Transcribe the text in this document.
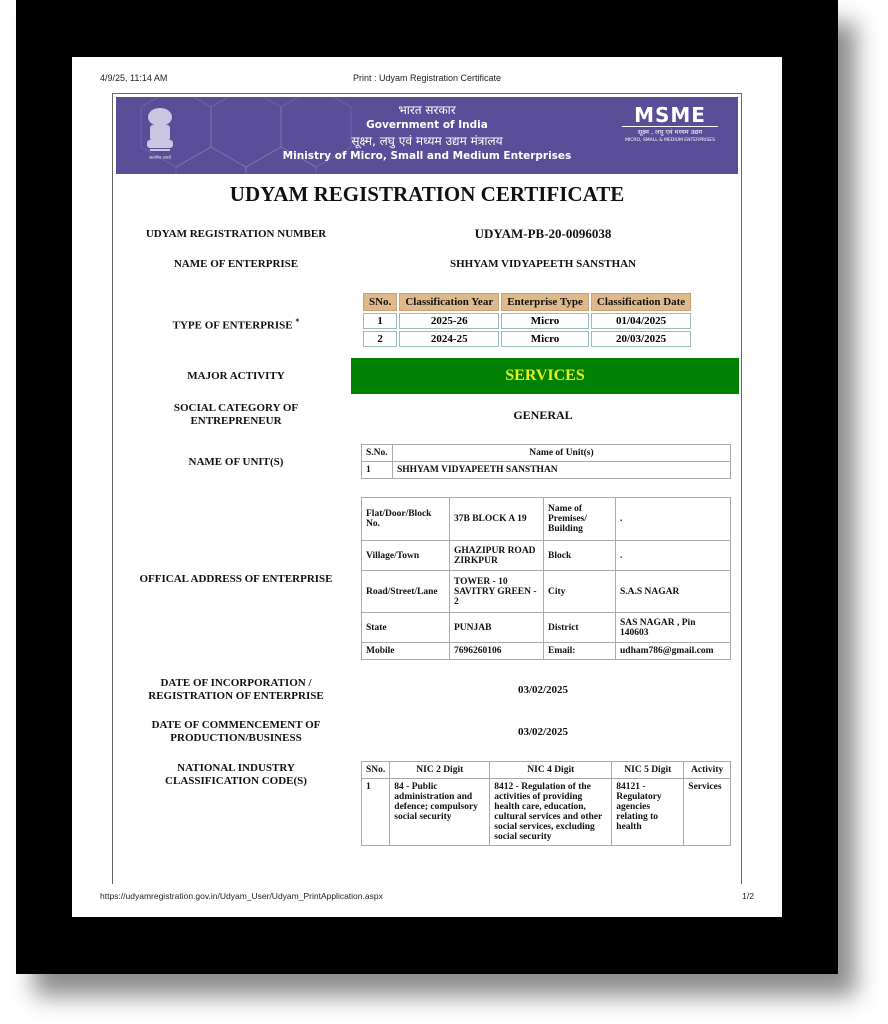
4/9/25, 11:14 AM	Print : Udyam Registration Certificate
सत्यमेव जयते
भारत सरकार
Government of India
सूक्ष्म, लघु एवं मध्यम उद्यम मंत्रालय
Ministry of Micro, Small and Medium Enterprises
MSME
सूक्ष्म , लघु एवं मध्यम उद्यम
MICRO, SMALL & MEDIUM ENTERPRISES
UDYAM REGISTRATION CERTIFICATE
UDYAM REGISTRATION NUMBER	UDYAM-PB-20-0096038
NAME OF ENTERPRISE	SHHYAM VIDYAPEETH SANSTHAN
TYPE OF ENTERPRISE *
SNo.	Classification Year	Enterprise Type	Classification Date
1	2025-26	Micro	01/04/2025
2	2024-25	Micro	20/03/2025
MAJOR ACTIVITY	SERVICES
SOCIAL CATEGORY OF
ENTREPRENEUR	GENERAL
NAME OF UNIT(S)
S.No.	Name of Unit(s)
1	SHHYAM VIDYAPEETH SANSTHAN
OFFICAL ADDRESS OF ENTERPRISE
Flat/Door/Block No.	37B BLOCK A 19	Name of Premises/ Building	.
Village/Town	GHAZIPUR ROAD ZIRKPUR	Block	.
Road/Street/Lane	TOWER - 10 SAVITRY GREEN - 2	City	S.A.S NAGAR
State	PUNJAB	District	SAS NAGAR , Pin 140603
Mobile	7696260106	Email:	udham786@gmail.com
DATE OF INCORPORATION /
REGISTRATION OF ENTERPRISE	03/02/2025
DATE OF COMMENCEMENT OF
PRODUCTION/BUSINESS	03/02/2025
NATIONAL INDUSTRY
CLASSIFICATION CODE(S)
SNo.	NIC 2 Digit	NIC 4 Digit	NIC 5 Digit	Activity
1	84 - Public administration and defence; compulsory social security	8412 - Regulation of the activities of providing health care, education, cultural services and other social services, excluding social security	84121 - Regulatory agencies relating to health	Services
https://udyamregistration.gov.in/Udyam_User/Udyam_PrintApplication.aspx	1/2
